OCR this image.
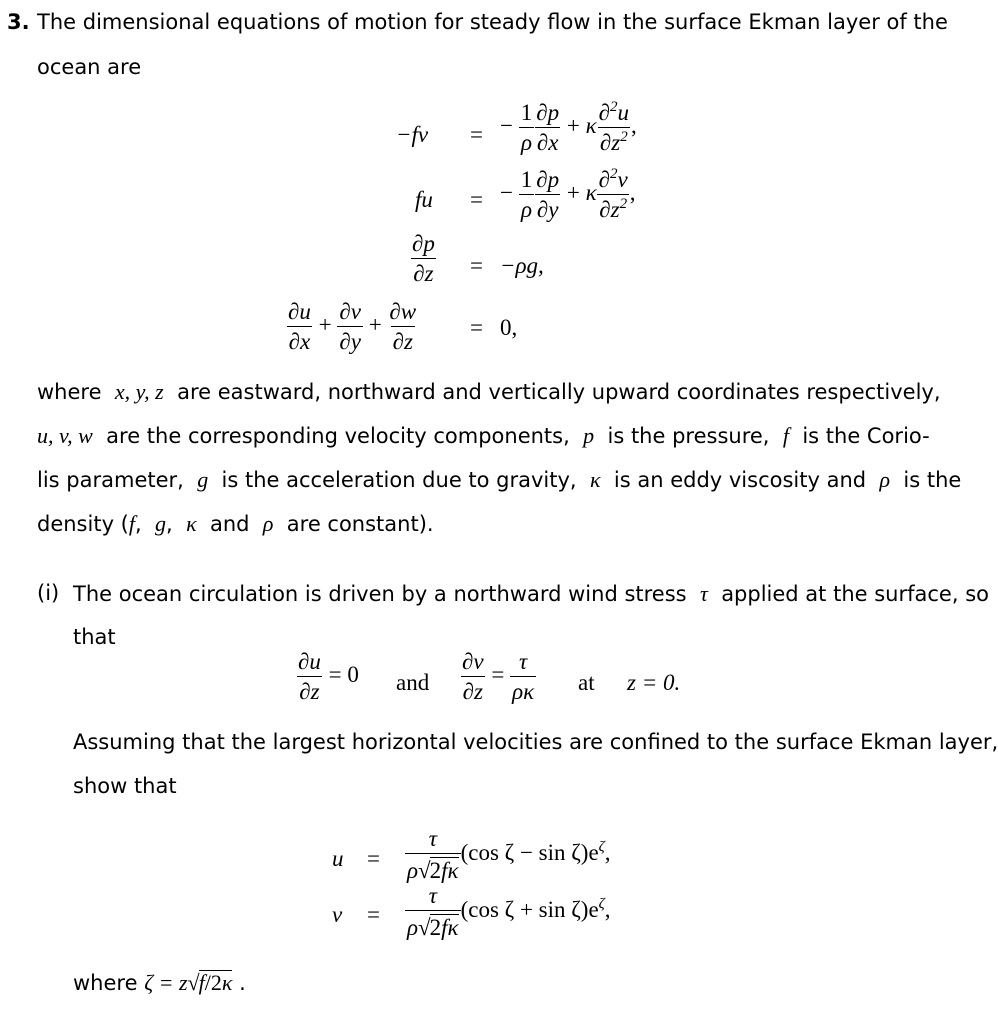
3. The dimensional equations of motion for steady flow in the surface Ekman layer of the
ocean are
−fv = − $\frac{1}{\rho} \frac{\partial p}{\partial x} + \kappa \frac{\partial^2u}{\partial z^2}$ ,
fu = − $\frac{1}{\rho} \frac{\partial p}{\partial y} + \kappa \frac{\partial^2v}{\partial z^2}$ ,
$\frac{\partial p}{\partial z} = -\rho g$,
$\frac{\partial u}{\partial x} + \frac{\partial v}{\partial y} + \frac{\partial w}{\partial z} = 0$,
where x, y, z are eastward, northward and vertically upward coordinates respectively,
u, v, w are the corresponding velocity components, p is the pressure, f is the Corio-
lis parameter, g is the acceleration due to gravity, κ is an eddy viscosity and ρ is the
density (f,  g,  κ and ρ are constant).
(i) The ocean circulation is driven by a northward wind stress τ applied at the surface, so
that
$\frac{\partial u}{\partial z} = 0$ and $\frac{\partial v}{\partial z} = \frac{\tau}{\rho\kappa}$ at z = 0.
Assuming that the largest horizontal velocities are confined to the surface Ekman layer,
show that
$u = \frac{\tau}{\rho√2f\kappa} (\cos$ $\zeta - \sin \zeta)e^\zeta$,
$v = \frac{\tau}{\rho√2f\kappa} (\cos$ $\zeta + \sin \zeta)e^\zeta$,
where ζ = z√f/2κ .
